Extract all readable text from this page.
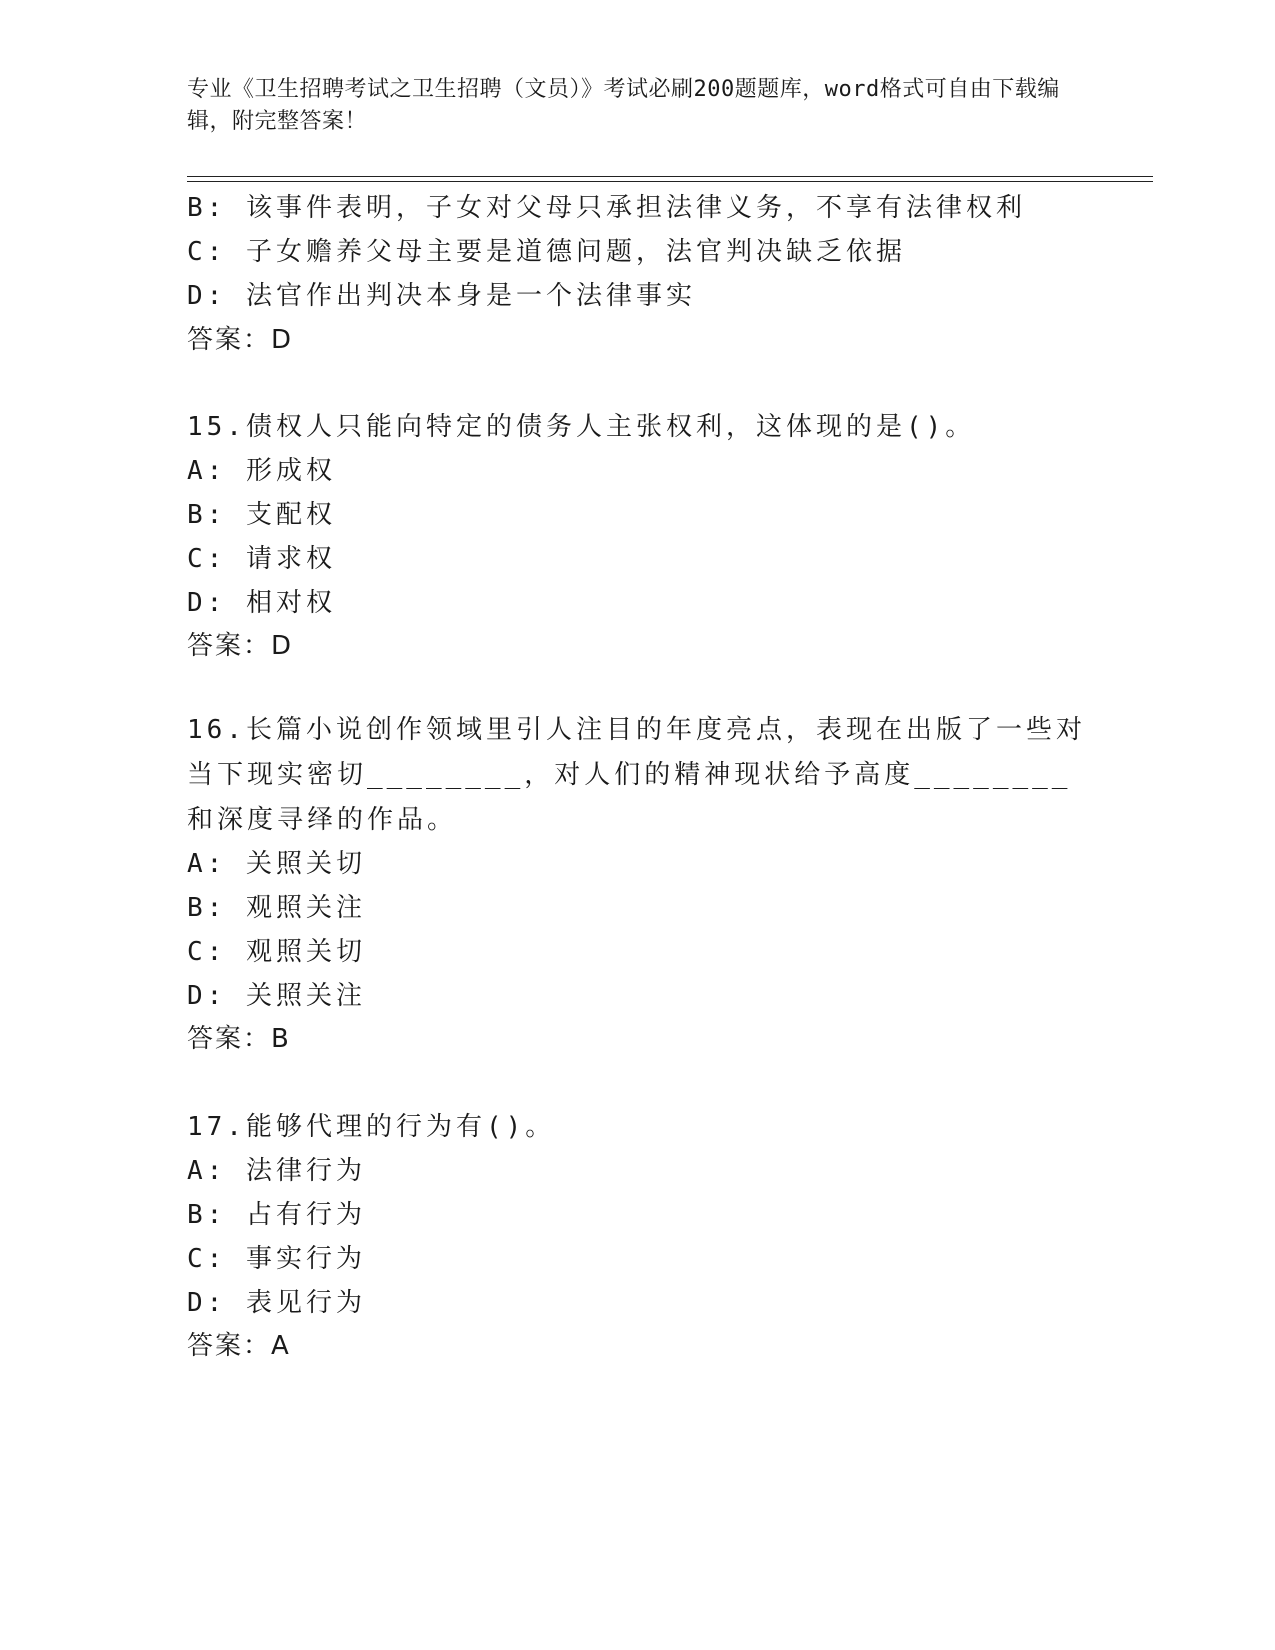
专业《卫生招聘考试之卫生招聘（文员）》考试必刷200题题库，word格式可自由下载编辑，附完整答案！

B: 该事件表明，子女对父母只承担法律义务，不享有法律权利
C: 子女赡养父母主要是道德问题，法官判决缺乏依据
D: 法官作出判决本身是一个法律事实
答案：D
15.债权人只能向特定的债务人主张权利，这体现的是()。
A: 形成权
B: 支配权
C: 请求权
D: 相对权
答案：D

16.长篇小说创作领域里引人注目的年度亮点，表现在出版了一些对当下现实密切________，对人们的精神现状给予高度________和深度寻绎的作品。

A: 关照关切
B: 观照关注
C: 观照关切
D: 关照关注
答案：B
17.能够代理的行为有()。
A: 法律行为
B: 占有行为
C: 事实行为
D: 表见行为
答案：A
